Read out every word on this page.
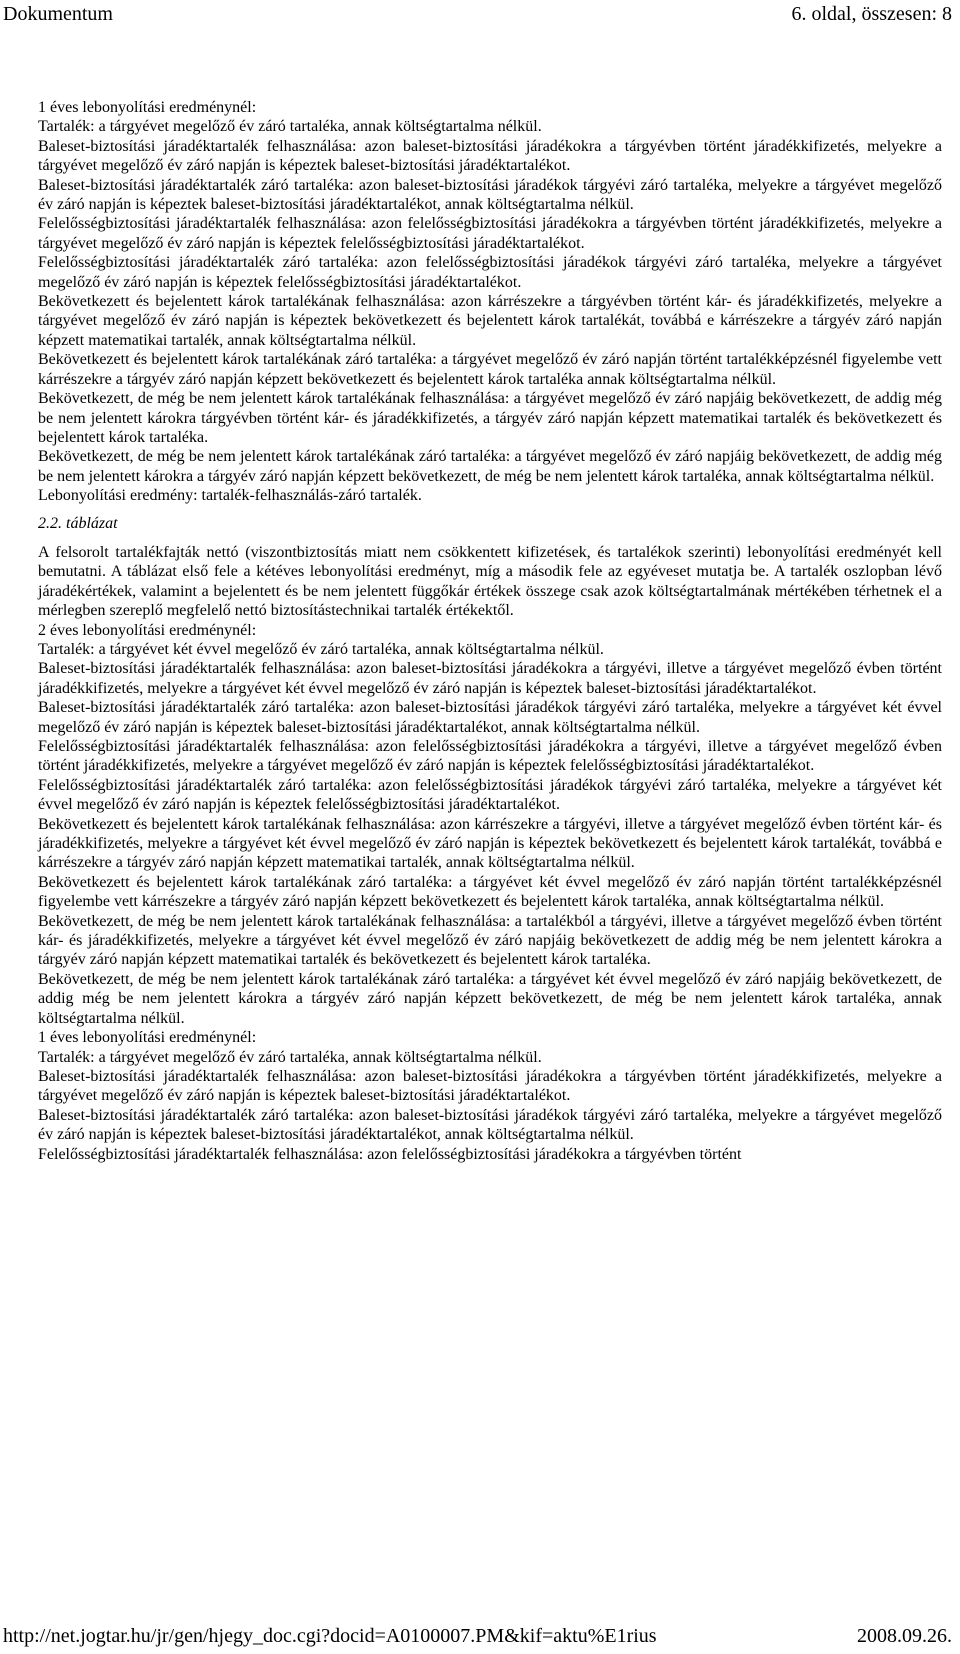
Dokumentum	6. oldal, összesen: 8

1 éves lebonyolítási eredménynél:

Tartalék: a tárgyévet megelőző év záró tartaléka, annak költségtartalma nélkül.

Baleset-biztosítási járadéktartalék felhasználása: azon baleset-biztosítási járadékokra a tárgyévben történt járadékkifizetés, melyekre a tárgyévet megelőző év záró napján is képeztek baleset-biztosítási járadéktartalékot.

Baleset-biztosítási járadéktartalék záró tartaléka: azon baleset-biztosítási járadékok tárgyévi záró tartaléka, melyekre a tárgyévet megelőző év záró napján is képeztek baleset-biztosítási járadéktartalékot, annak költségtartalma nélkül.

Felelősségbiztosítási járadéktartalék felhasználása: azon felelősségbiztosítási járadékokra a tárgyévben történt járadékkifizetés, melyekre a tárgyévet megelőző év záró napján is képeztek felelősségbiztosítási járadéktartalékot.

Felelősségbiztosítási járadéktartalék záró tartaléka: azon felelősségbiztosítási járadékok tárgyévi záró tartaléka, melyekre a tárgyévet megelőző év záró napján is képeztek felelősségbiztosítási járadéktartalékot.

Bekövetkezett és bejelentett károk tartalékának felhasználása: azon kárrészekre a tárgyévben történt kár- és járadékkifizetés, melyekre a tárgyévet megelőző év záró napján is képeztek bekövetkezett és bejelentett károk tartalékát, továbbá e kárrészekre a tárgyév záró napján képzett matematikai tartalék, annak költségtartalma nélkül.

Bekövetkezett és bejelentett károk tartalékának záró tartaléka: a tárgyévet megelőző év záró napján történt tartalékképzésnél figyelembe vett kárrészekre a tárgyév záró napján képzett bekövetkezett és bejelentett károk tartaléka annak költségtartalma nélkül.

Bekövetkezett, de még be nem jelentett károk tartalékának felhasználása: a tárgyévet megelőző év záró napjáig bekövetkezett, de addig még be nem jelentett károkra tárgyévben történt kár- és járadékkifizetés, a tárgyév záró napján képzett matematikai tartalék és bekövetkezett és bejelentett károk tartaléka.

Bekövetkezett, de még be nem jelentett károk tartalékának záró tartaléka: a tárgyévet megelőző év záró napjáig bekövetkezett, de addig még be nem jelentett károkra a tárgyév záró napján képzett bekövetkezett, de még be nem jelentett károk tartaléka, annak költségtartalma nélkül.

Lebonyolítási eredmény: tartalék-felhasználás-záró tartalék.

2.2. táblázat

A felsorolt tartalékfajták nettó (viszontbiztosítás miatt nem csökkentett kifizetések, és tartalékok szerinti) lebonyolítási eredményét kell bemutatni. A táblázat első fele a kétéves lebonyolítási eredményt, míg a második fele az egyéveset mutatja be. A tartalék oszlopban lévő járadékértékek, valamint a bejelentett és be nem jelentett függőkár értékek összege csak azok költségtartalmának mértékében térhetnek el a mérlegben szereplő megfelelő nettó biztosítástechnikai tartalék értékektől.

2 éves lebonyolítási eredménynél:

Tartalék: a tárgyévet két évvel megelőző év záró tartaléka, annak költségtartalma nélkül.

Baleset-biztosítási járadéktartalék felhasználása: azon baleset-biztosítási járadékokra a tárgyévi, illetve a tárgyévet megelőző évben történt járadékkifizetés, melyekre a tárgyévet két évvel megelőző év záró napján is képeztek baleset-biztosítási járadéktartalékot.

Baleset-biztosítási járadéktartalék záró tartaléka: azon baleset-biztosítási járadékok tárgyévi záró tartaléka, melyekre a tárgyévet két évvel megelőző év záró napján is képeztek baleset-biztosítási járadéktartalékot, annak költségtartalma nélkül.

Felelősségbiztosítási járadéktartalék felhasználása: azon felelősségbiztosítási járadékokra a tárgyévi, illetve a tárgyévet megelőző évben történt járadékkifizetés, melyekre a tárgyévet megelőző év záró napján is képeztek felelősségbiztosítási járadéktartalékot.

Felelősségbiztosítási járadéktartalék záró tartaléka: azon felelősségbiztosítási járadékok tárgyévi záró tartaléka, melyekre a tárgyévet két évvel megelőző év záró napján is képeztek felelősségbiztosítási járadéktartalékot.

Bekövetkezett és bejelentett károk tartalékának felhasználása: azon kárrészekre a tárgyévi, illetve a tárgyévet megelőző évben történt kár- és járadékkifizetés, melyekre a tárgyévet két évvel megelőző év záró napján is képeztek bekövetkezett és bejelentett károk tartalékát, továbbá e kárrészekre a tárgyév záró napján képzett matematikai tartalék, annak költségtartalma nélkül.

Bekövetkezett és bejelentett károk tartalékának záró tartaléka: a tárgyévet két évvel megelőző év záró napján történt tartalékképzésnél figyelembe vett kárrészekre a tárgyév záró napján képzett bekövetkezett és bejelentett károk tartaléka, annak költségtartalma nélkül.

Bekövetkezett, de még be nem jelentett károk tartalékának felhasználása: a tartalékból a tárgyévi, illetve a tárgyévet megelőző évben történt kár- és járadékkifizetés, melyekre a tárgyévet két évvel megelőző év záró napjáig bekövetkezett de addig még be nem jelentett károkra a tárgyév záró napján képzett matematikai tartalék és bekövetkezett és bejelentett károk tartaléka.

Bekövetkezett, de még be nem jelentett károk tartalékának záró tartaléka: a tárgyévet két évvel megelőző év záró napjáig bekövetkezett, de addig még be nem jelentett károkra a tárgyév záró napján képzett bekövetkezett, de még be nem jelentett károk tartaléka, annak költségtartalma nélkül.

1 éves lebonyolítási eredménynél:

Tartalék: a tárgyévet megelőző év záró tartaléka, annak költségtartalma nélkül.

Baleset-biztosítási járadéktartalék felhasználása: azon baleset-biztosítási járadékokra a tárgyévben történt járadékkifizetés, melyekre a tárgyévet megelőző év záró napján is képeztek baleset-biztosítási járadéktartalékot.

Baleset-biztosítási járadéktartalék záró tartaléka: azon baleset-biztosítási járadékok tárgyévi záró tartaléka, melyekre a tárgyévet megelőző év záró napján is képeztek baleset-biztosítási járadéktartalékot, annak költségtartalma nélkül.

Felelősségbiztosítási járadéktartalék felhasználása: azon felelősségbiztosítási járadékokra a tárgyévben történt

http://net.jogtar.hu/jr/gen/hjegy_doc.cgi?docid=A0100007.PM&kif=aktu%E1rius	2008.09.26.
